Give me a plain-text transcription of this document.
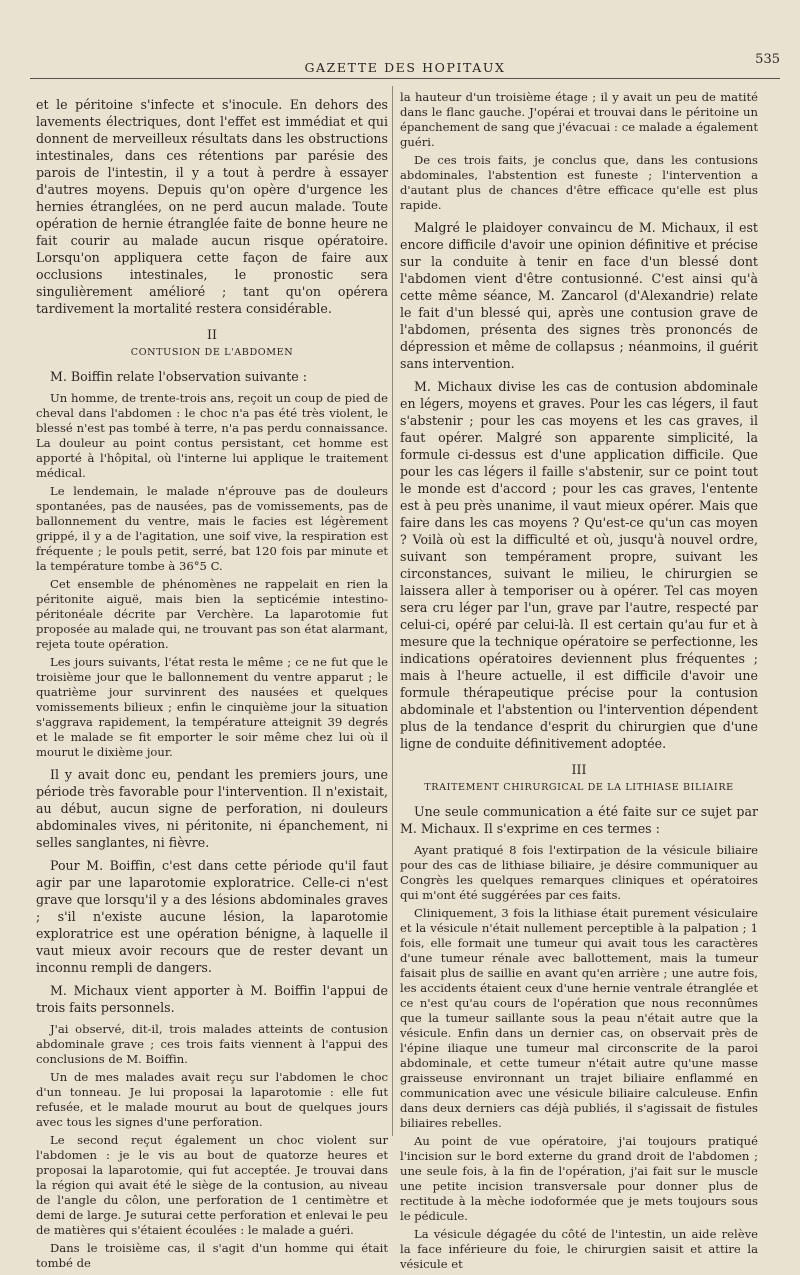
GAZETTE DES HOPITAUX
535

et le péritoine s'infecte et s'inocule. En dehors des lavements électriques, dont l'effet est immédiat et qui donnent de merveilleux résultats dans les obstructions intestinales, dans ces rétentions par parésie des parois de l'intestin, il y a tout à perdre à essayer d'autres moyens. Depuis qu'on opère d'urgence les hernies étranglées, on ne perd aucun malade. Toute opération de hernie étranglée faite de bonne heure ne fait courir au malade aucun risque opératoire. Lorsqu'on appliquera cette façon de faire aux occlusions intestinales, le pronostic sera singulièrement amélioré ; tant qu'on opérera tardivement la mortalité restera considérable.

II
CONTUSION DE L'ABDOMEN

M. Boiffin relate l'observation suivante :

Un homme, de trente-trois ans, reçoit un coup de pied de cheval dans l'abdomen : le choc n'a pas été très violent, le blessé n'est pas tombé à terre, n'a pas perdu connaissance. La douleur au point contus persistant, cet homme est apporté à l'hôpital, où l'interne lui applique le traitement médical.

Le lendemain, le malade n'éprouve pas de douleurs spontanées, pas de nausées, pas de vomissements, pas de ballonnement du ventre, mais le facies est légèrement grippé, il y a de l'agitation, une soif vive, la respiration est fréquente ; le pouls petit, serré, bat 120 fois par minute et la température tombe à 36°5 C.

Cet ensemble de phénomènes ne rappelait en rien la péritonite aiguë, mais bien la septicémie intestino-péritonéale décrite par Verchère. La laparotomie fut proposée au malade qui, ne trouvant pas son état alarmant, rejeta toute opération.

Les jours suivants, l'état resta le même ; ce ne fut que le troisième jour que le ballonnement du ventre apparut ; le quatrième jour survinrent des nausées et quelques vomissements bilieux ; enfin le cinquième jour la situation s'aggrava rapidement, la température atteignit 39 degrés et le malade se fit emporter le soir même chez lui où il mourut le dixième jour.

Il y avait donc eu, pendant les premiers jours, une période très favorable pour l'intervention. Il n'existait, au début, aucun signe de perforation, ni douleurs abdominales vives, ni péritonite, ni épanchement, ni selles sanglantes, ni fièvre.

Pour M. Boiffin, c'est dans cette période qu'il faut agir par une laparotomie exploratrice. Celle-ci n'est grave que lorsqu'il y a des lésions abdominales graves ; s'il n'existe aucune lésion, la laparotomie exploratrice est une opération bénigne, à laquelle il vaut mieux avoir recours que de rester devant un inconnu rempli de dangers.

M. Michaux vient apporter à M. Boiffin l'appui de trois faits personnels.

J'ai observé, dit-il, trois malades atteints de contusion abdominale grave ; ces trois faits viennent à l'appui des conclusions de M. Boiffin.

Un de mes malades avait reçu sur l'abdomen le choc d'un tonneau. Je lui proposai la laparotomie : elle fut refusée, et le malade mourut au bout de quelques jours avec tous les signes d'une perforation.

Le second reçut également un choc violent sur l'abdomen : je le vis au bout de quatorze heures et proposai la laparotomie, qui fut acceptée. Je trouvai dans la région qui avait été le siège de la contusion, au niveau de l'angle du côlon, une perforation de 1 centimètre et demi de large. Je suturai cette perforation et enlevai le peu de matières qui s'étaient écoulées : le malade a guéri.

Dans le troisième cas, il s'agit d'un homme qui était tombé de

la hauteur d'un troisième étage ; il y avait un peu de matité dans le flanc gauche. J'opérai et trouvai dans le péritoine un épanchement de sang que j'évacuai : ce malade a également guéri.

De ces trois faits, je conclus que, dans les contusions abdominales, l'abstention est funeste ; l'intervention a d'autant plus de chances d'être efficace qu'elle est plus rapide.

Malgré le plaidoyer convaincu de M. Michaux, il est encore difficile d'avoir une opinion définitive et précise sur la conduite à tenir en face d'un blessé dont l'abdomen vient d'être contusionné. C'est ainsi qu'à cette même séance, M. Zancarol (d'Alexandrie) relate le fait d'un blessé qui, après une contusion grave de l'abdomen, présenta des signes très prononcés de dépression et même de collapsus ; néanmoins, il guérit sans intervention.

M. Michaux divise les cas de contusion abdominale en légers, moyens et graves. Pour les cas légers, il faut s'abstenir ; pour les cas moyens et les cas graves, il faut opérer. Malgré son apparente simplicité, la formule ci-dessus est d'une application difficile. Que pour les cas légers il faille s'abstenir, sur ce point tout le monde est d'accord ; pour les cas graves, l'entente est à peu près unanime, il vaut mieux opérer. Mais que faire dans les cas moyens ? Qu'est-ce qu'un cas moyen ? Voilà où est la difficulté et où, jusqu'à nouvel ordre, suivant son tempérament propre, suivant les circonstances, suivant le milieu, le chirurgien se laissera aller à temporiser ou à opérer. Tel cas moyen sera cru léger par l'un, grave par l'autre, respecté par celui-ci, opéré par celui-là. Il est certain qu'au fur et à mesure que la technique opératoire se perfectionne, les indications opératoires deviennent plus fréquentes ; mais à l'heure actuelle, il est difficile d'avoir une formule thérapeutique précise pour la contusion abdominale et l'abstention ou l'intervention dépendent plus de la tendance d'esprit du chirurgien que d'une ligne de conduite définitivement adoptée.

III
TRAITEMENT CHIRURGICAL DE LA LITHIASE BILIAIRE

Une seule communication a été faite sur ce sujet par M. Michaux. Il s'exprime en ces termes :

Ayant pratiqué 8 fois l'extirpation de la vésicule biliaire pour des cas de lithiase biliaire, je désire communiquer au Congrès les quelques remarques cliniques et opératoires qui m'ont été suggérées par ces faits.

Cliniquement, 3 fois la lithiase était purement vésiculaire et la vésicule n'était nullement perceptible à la palpation ; 1 fois, elle formait une tumeur qui avait tous les caractères d'une tumeur rénale avec ballottement, mais la tumeur faisait plus de saillie en avant qu'en arrière ; une autre fois, les accidents étaient ceux d'une hernie ventrale étranglée et ce n'est qu'au cours de l'opération que nous reconnûmes que la tumeur saillante sous la peau n'était autre que la vésicule. Enfin dans un dernier cas, on observait près de l'épine iliaque une tumeur mal circonscrite de la paroi abdominale, et cette tumeur n'était autre qu'une masse graisseuse environnant un trajet biliaire enflammé en communication avec une vésicule biliaire calculeuse. Enfin dans deux derniers cas déjà publiés, il s'agissait de fistules biliaires rebelles.

Au point de vue opératoire, j'ai toujours pratiqué l'incision sur le bord externe du grand droit de l'abdomen ; une seule fois, à la fin de l'opération, j'ai fait sur le muscle une petite incision transversale pour donner plus de rectitude à la mèche iodoformée que je mets toujours sous le pédicule.

La vésicule dégagée du côté de l'intestin, un aide relève la face inférieure du foie, le chirurgien saisit et attire la vésicule et
